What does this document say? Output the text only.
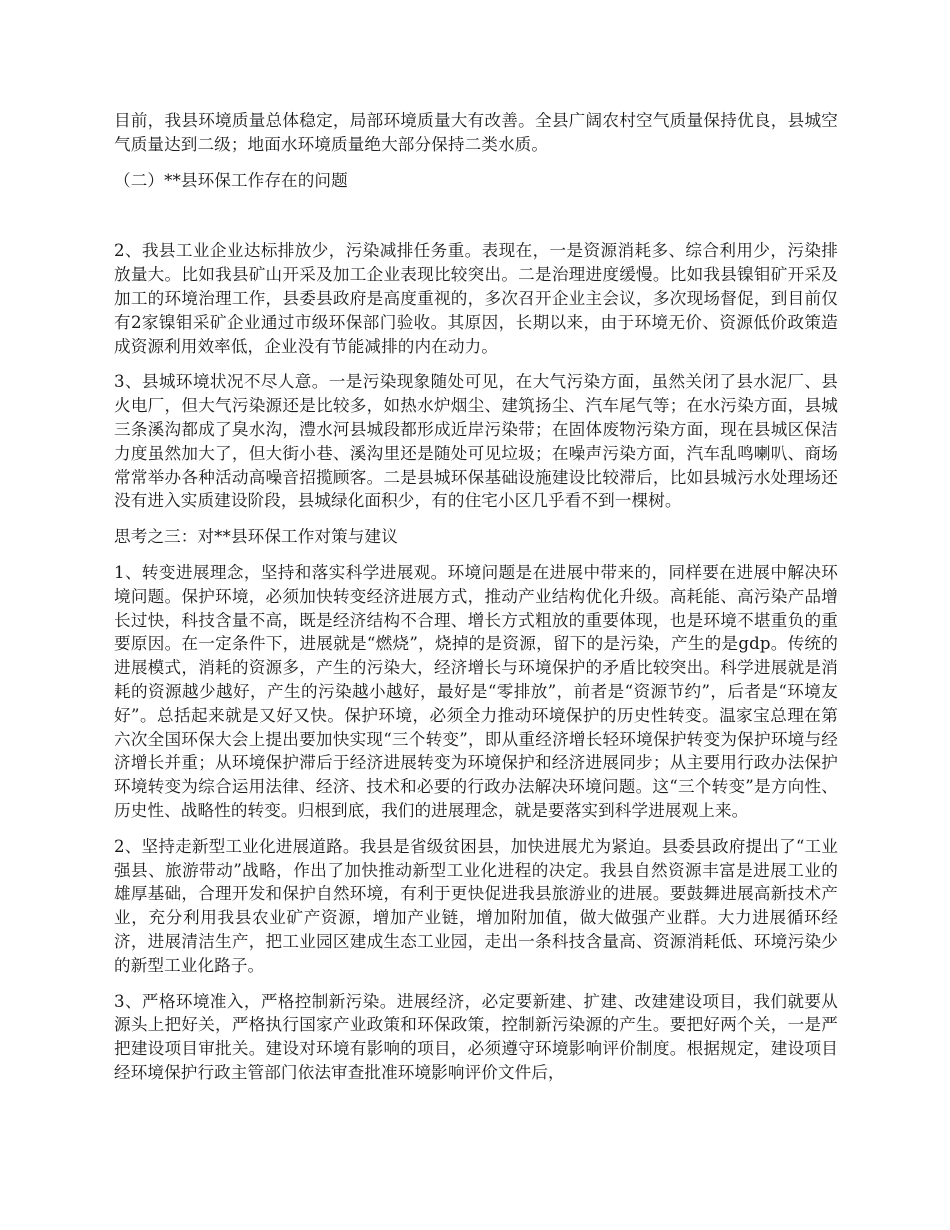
目前，我县环境质量总体稳定，局部环境质量大有改善。全县广阔农村空气质量保持优良，县城空气质量达到二级；地面水环境质量绝大部分保持二类水质。

（二）**县环保工作存在的问题

2、我县工业企业达标排放少，污染减排任务重。表现在，一是资源消耗多、综合利用少，污染排放量大。比如我县矿山开采及加工企业表现比较突出。二是治理进度缓慢。比如我县镍钼矿开采及加工的环境治理工作，县委县政府是高度重视的，多次召开企业主会议，多次现场督促，到目前仅有2家镍钼采矿企业通过市级环保部门验收。其原因，长期以来，由于环境无价、资源低价政策造成资源利用效率低，企业没有节能减排的内在动力。

3、县城环境状况不尽人意。一是污染现象随处可见，在大气污染方面，虽然关闭了县水泥厂、县火电厂，但大气污染源还是比较多，如热水炉烟尘、建筑扬尘、汽车尾气等；在水污染方面，县城三条溪沟都成了臭水沟，澧水河县城段都形成近岸污染带；在固体废物污染方面，现在县城区保洁力度虽然加大了，但大街小巷、溪沟里还是随处可见垃圾；在噪声污染方面，汽车乱鸣喇叭、商场常常举办各种活动高噪音招揽顾客。二是县城环保基础设施建设比较滞后，比如县城污水处理场还没有进入实质建设阶段，县城绿化面积少，有的住宅小区几乎看不到一棵树。

思考之三：对**县环保工作对策与建议

1、转变进展理念，坚持和落实科学进展观。环境问题是在进展中带来的，同样要在进展中解决环境问题。保护环境，必须加快转变经济进展方式，推动产业结构优化升级。高耗能、高污染产品增长过快，科技含量不高，既是经济结构不合理、增长方式粗放的重要体现，也是环境不堪重负的重要原因。在一定条件下，进展就是“燃烧”，烧掉的是资源，留下的是污染，产生的是gdp。传统的进展模式，消耗的资源多，产生的污染大，经济增长与环境保护的矛盾比较突出。科学进展就是消耗的资源越少越好，产生的污染越小越好，最好是“零排放”，前者是“资源节约”，后者是“环境友好”。总括起来就是又好又快。保护环境，必须全力推动环境保护的历史性转变。温家宝总理在第六次全国环保大会上提出要加快实现“三个转变”，即从重经济增长轻环境保护转变为保护环境与经济增长并重；从环境保护滞后于经济进展转变为环境保护和经济进展同步；从主要用行政办法保护环境转变为综合运用法律、经济、技术和必要的行政办法解决环境问题。这“三个转变”是方向性、历史性、战略性的转变。归根到底，我们的进展理念，就是要落实到科学进展观上来。

2、坚持走新型工业化进展道路。我县是省级贫困县，加快进展尤为紧迫。县委县政府提出了“工业强县、旅游带动”战略，作出了加快推动新型工业化进程的决定。我县自然资源丰富是进展工业的雄厚基础，合理开发和保护自然环境，有利于更快促进我县旅游业的进展。要鼓舞进展高新技术产业，充分利用我县农业矿产资源，增加产业链，增加附加值，做大做强产业群。大力进展循环经济，进展清洁生产，把工业园区建成生态工业园，走出一条科技含量高、资源消耗低、环境污染少的新型工业化路子。

3、严格环境准入，严格控制新污染。进展经济，必定要新建、扩建、改建建设项目，我们就要从源头上把好关，严格执行国家产业政策和环保政策，控制新污染源的产生。要把好两个关，一是严把建设项目审批关。建设对环境有影响的项目，必须遵守环境影响评价制度。根据规定，建设项目经环境保护行政主管部门依法审查批准环境影响评价文件后，
